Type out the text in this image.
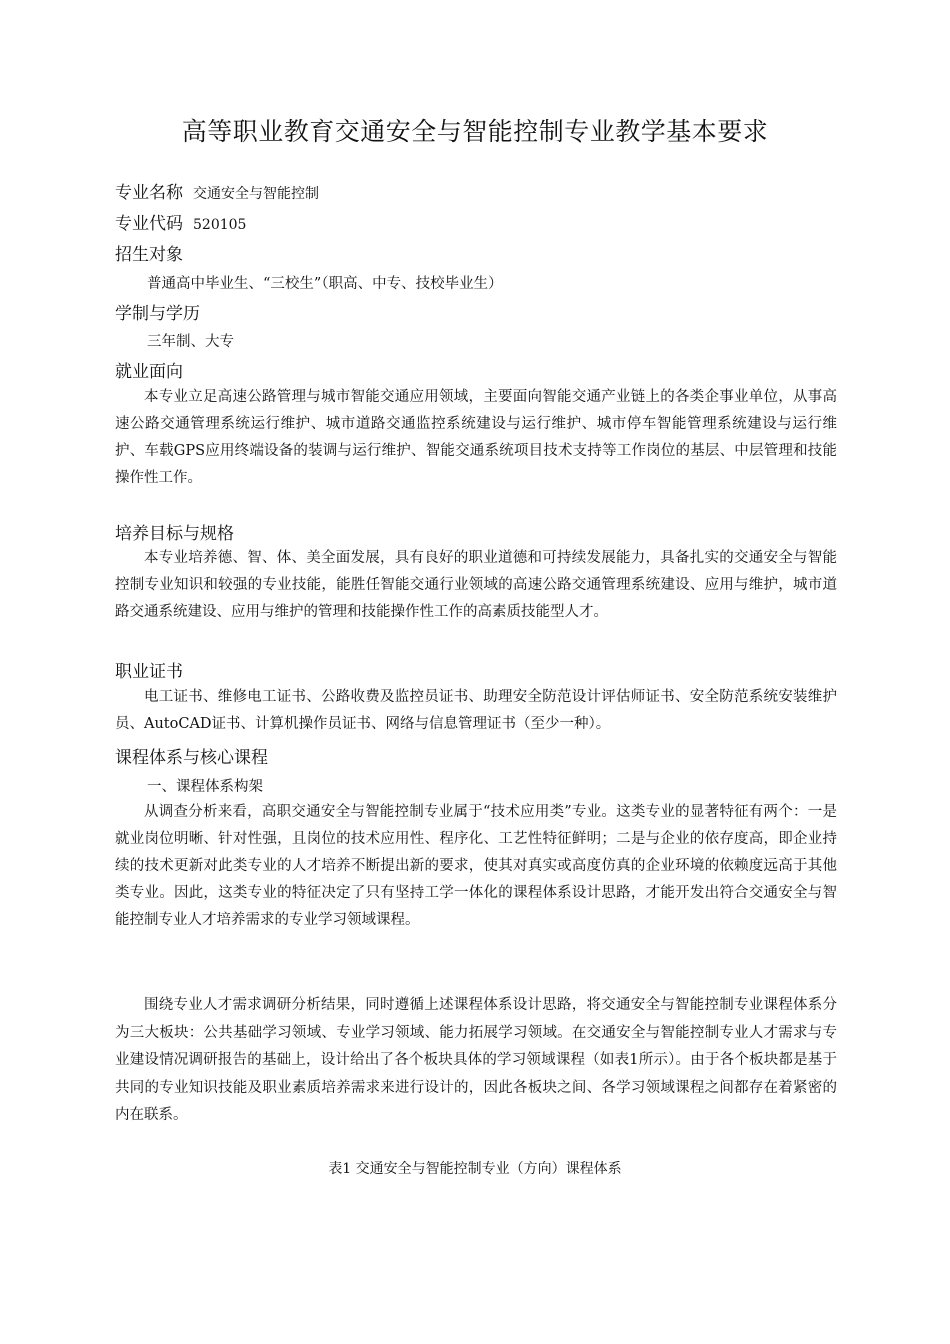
高等职业教育交通安全与智能控制专业教学基本要求
专业名称 交通安全与智能控制
专业代码 520105
招生对象
普通高中毕业生、“三校生”（职高、中专、技校毕业生）
学制与学历
三年制、大专
就业面向

本专业立足高速公路管理与城市智能交通应用领域，主要面向智能交通产业链上的各类企事业单位，从事高速公路交通管理系统运行维护、城市道路交通监控系统建设与运行维护、城市停车智能管理系统建设与运行维护、车载GPS应用终端设备的装调与运行维护、智能交通系统项目技术支持等工作岗位的基层、中层管理和技能操作性工作。

培养目标与规格

本专业培养德、智、体、美全面发展，具有良好的职业道德和可持续发展能力，具备扎实的交通安全与智能控制专业知识和较强的专业技能，能胜任智能交通行业领域的高速公路交通管理系统建设、应用与维护，城市道路交通系统建设、应用与维护的管理和技能操作性工作的高素质技能型人才。

职业证书

电工证书、维修电工证书、公路收费及监控员证书、助理安全防范设计评估师证书、安全防范系统安装维护员、AutoCAD证书、计算机操作员证书、网络与信息管理证书（至少一种）。

课程体系与核心课程
一、课程体系构架

从调查分析来看，高职交通安全与智能控制专业属于“技术应用类”专业。这类专业的显著特征有两个：一是就业岗位明晰、针对性强，且岗位的技术应用性、程序化、工艺性特征鲜明；二是与企业的依存度高，即企业持续的技术更新对此类专业的人才培养不断提出新的要求，使其对真实或高度仿真的企业环境的依赖度远高于其他类专业。因此，这类专业的特征决定了只有坚持工学一体化的课程体系设计思路，才能开发出符合交通安全与智能控制专业人才培养需求的专业学习领域课程。

围绕专业人才需求调研分析结果，同时遵循上述课程体系设计思路，将交通安全与智能控制专业课程体系分为三大板块：公共基础学习领域、专业学习领域、能力拓展学习领域。在交通安全与智能控制专业人才需求与专业建设情况调研报告的基础上，设计给出了各个板块具体的学习领域课程（如表1所示）。由于各个板块都是基于共同的专业知识技能及职业素质培养需求来进行设计的，因此各板块之间、各学习领域课程之间都存在着紧密的内在联系。

表1 交通安全与智能控制专业（方向）课程体系
